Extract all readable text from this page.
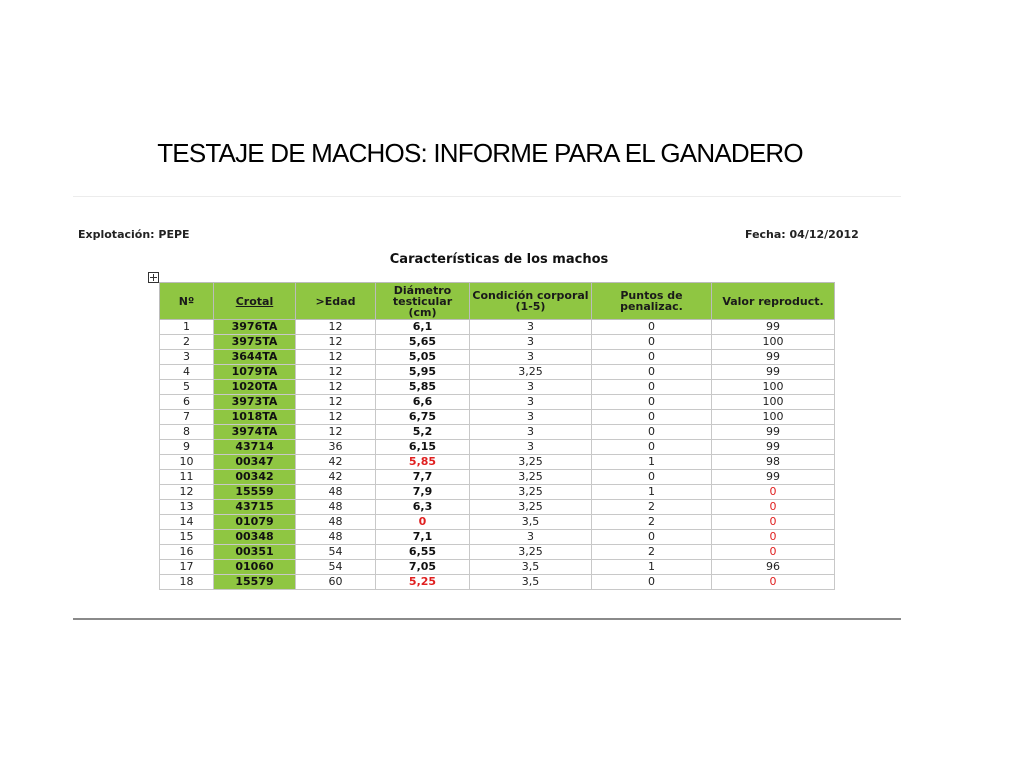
TESTAJE DE MACHOS: INFORME PARA EL GANADERO
Explotación: PEPE	Fecha: 04/12/2012
Características de los machos
Nº	Crotal	>Edad	Diámetro testicular (cm)	Condición corporal (1-5)	Puntos de penalizac.	Valor reproduct.
1	3976TA	12	6,1	3	0	99
2	3975TA	12	5,65	3	0	100
3	3644TA	12	5,05	3	0	99
4	1079TA	12	5,95	3,25	0	99
5	1020TA	12	5,85	3	0	100
6	3973TA	12	6,6	3	0	100
7	1018TA	12	6,75	3	0	100
8	3974TA	12	5,2	3	0	99
9	43714	36	6,15	3	0	99
10	00347	42	5,85	3,25	1	98
11	00342	42	7,7	3,25	0	99
12	15559	48	7,9	3,25	1	0
13	43715	48	6,3	3,25	2	0
14	01079	48	0	3,5	2	0
15	00348	48	7,1	3	0	0
16	00351	54	6,55	3,25	2	0
17	01060	54	7,05	3,5	1	96
18	15579	60	5,25	3,5	0	0
